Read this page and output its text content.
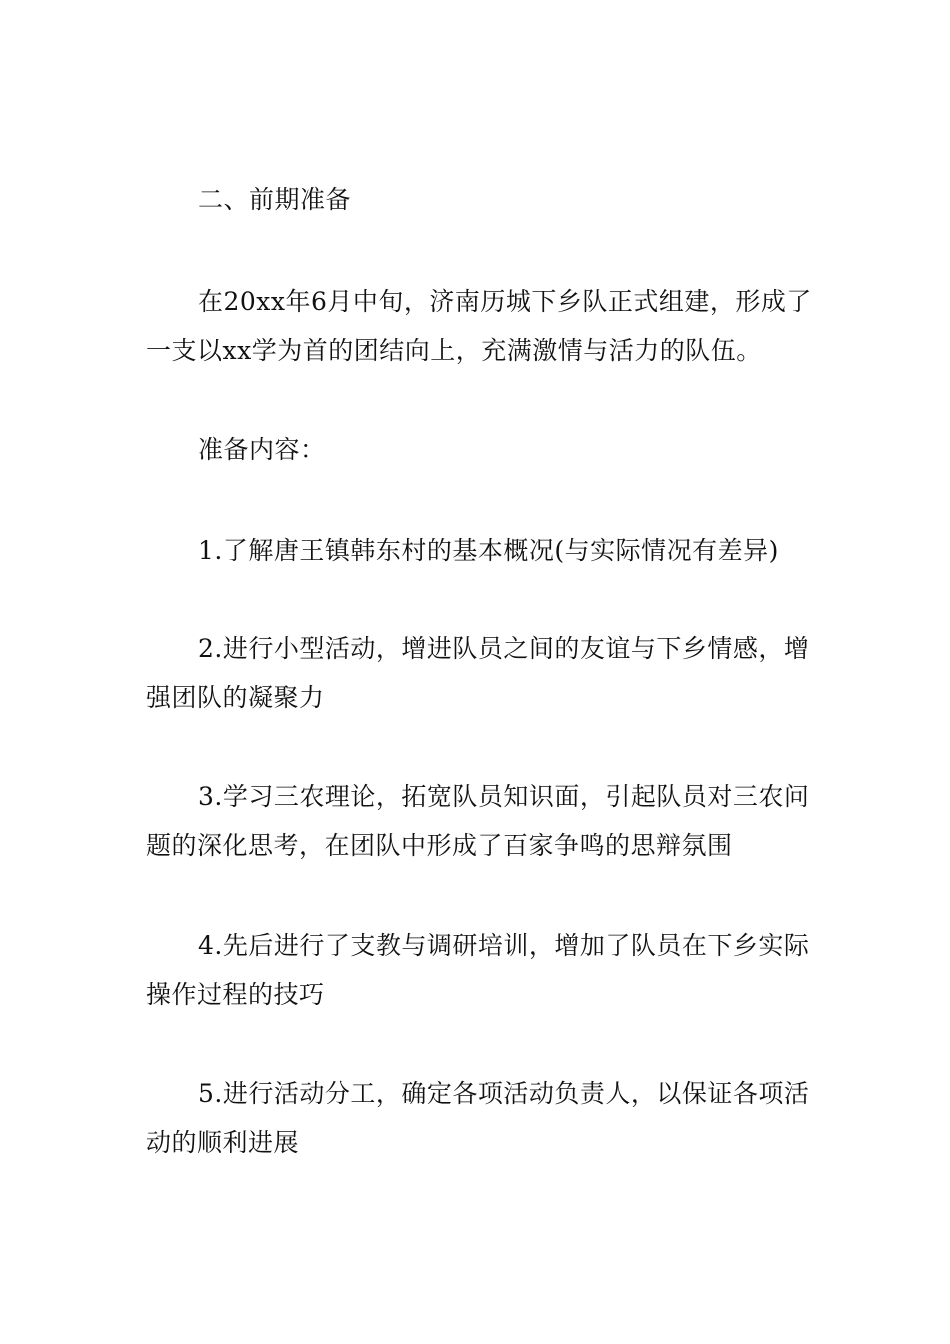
二、前期准备

在20xx年6月中旬，济南历城下乡队正式组建，形成了一支以xx学为首的团结向上，充满激情与活力的队伍。

准备内容：

1.了解唐王镇韩东村的基本概况(与实际情况有差异)

2.进行小型活动，增进队员之间的友谊与下乡情感，增强团队的凝聚力

3.学习三农理论，拓宽队员知识面，引起队员对三农问题的深化思考，在团队中形成了百家争鸣的思辩氛围

4.先后进行了支教与调研培训，增加了队员在下乡实际操作过程的技巧

5.进行活动分工，确定各项活动负责人，以保证各项活动的顺利进展
